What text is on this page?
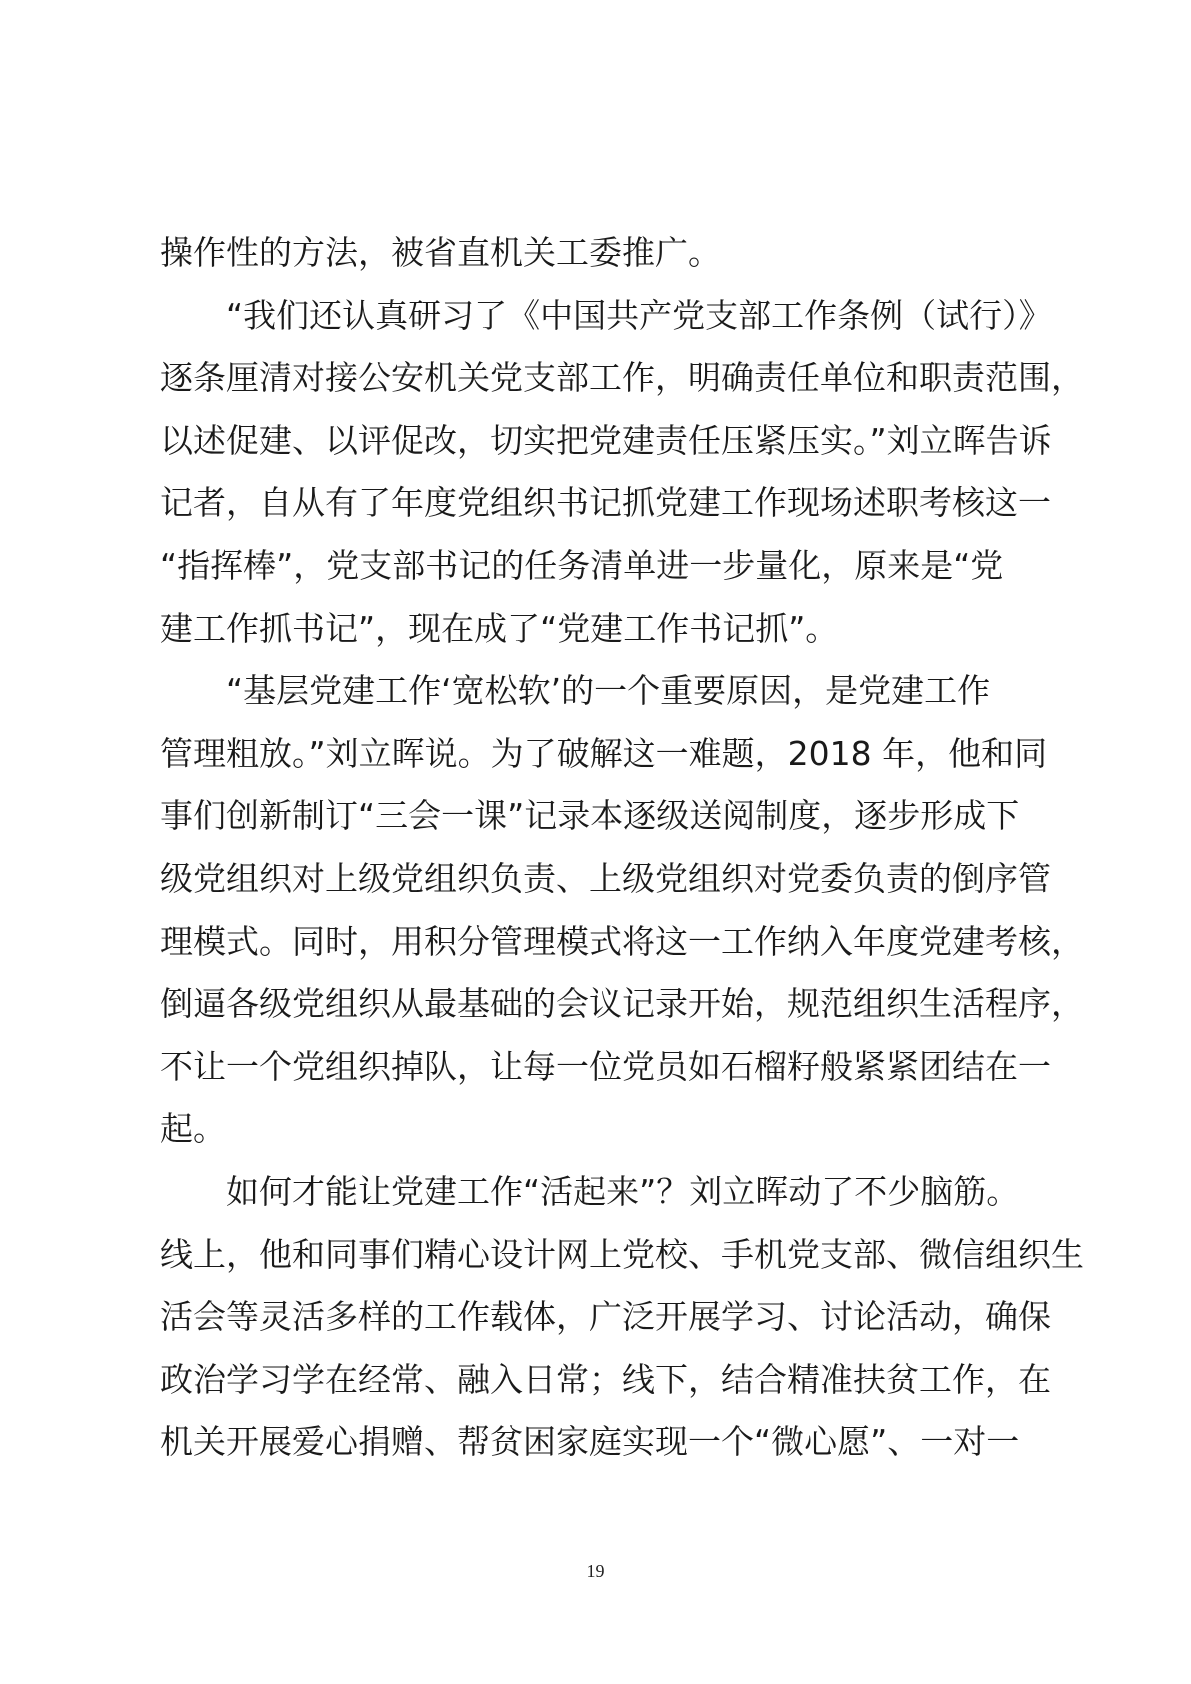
操作性的方法，被省直机关工委推广。
“我们还认真研习了《中国共产党支部工作条例（试行）》
逐条厘清对接公安机关党支部工作，明确责任单位和职责范围，
以述促建、以评促改，切实把党建责任压紧压实。”刘立晖告诉
记者，自从有了年度党组织书记抓党建工作现场述职考核这一
“指挥棒”，党支部书记的任务清单进一步量化，原来是“党
建工作抓书记”，现在成了“党建工作书记抓”。
“基层党建工作‘宽松软’的一个重要原因，是党建工作
管理粗放。”刘立晖说。为了破解这一难题，2018 年，他和同
事们创新制订“三会一课”记录本逐级送阅制度，逐步形成下
级党组织对上级党组织负责、上级党组织对党委负责的倒序管
理模式。同时，用积分管理模式将这一工作纳入年度党建考核，
倒逼各级党组织从最基础的会议记录开始，规范组织生活程序，
不让一个党组织掉队，让每一位党员如石榴籽般紧紧团结在一
起。
如何才能让党建工作“活起来”？刘立晖动了不少脑筋。
线上，他和同事们精心设计网上党校、手机党支部、微信组织生
活会等灵活多样的工作载体，广泛开展学习、讨论活动，确保
政治学习学在经常、融入日常；线下，结合精准扶贫工作，在
机关开展爱心捐赠、帮贫困家庭实现一个“微心愿”、一对一
19
